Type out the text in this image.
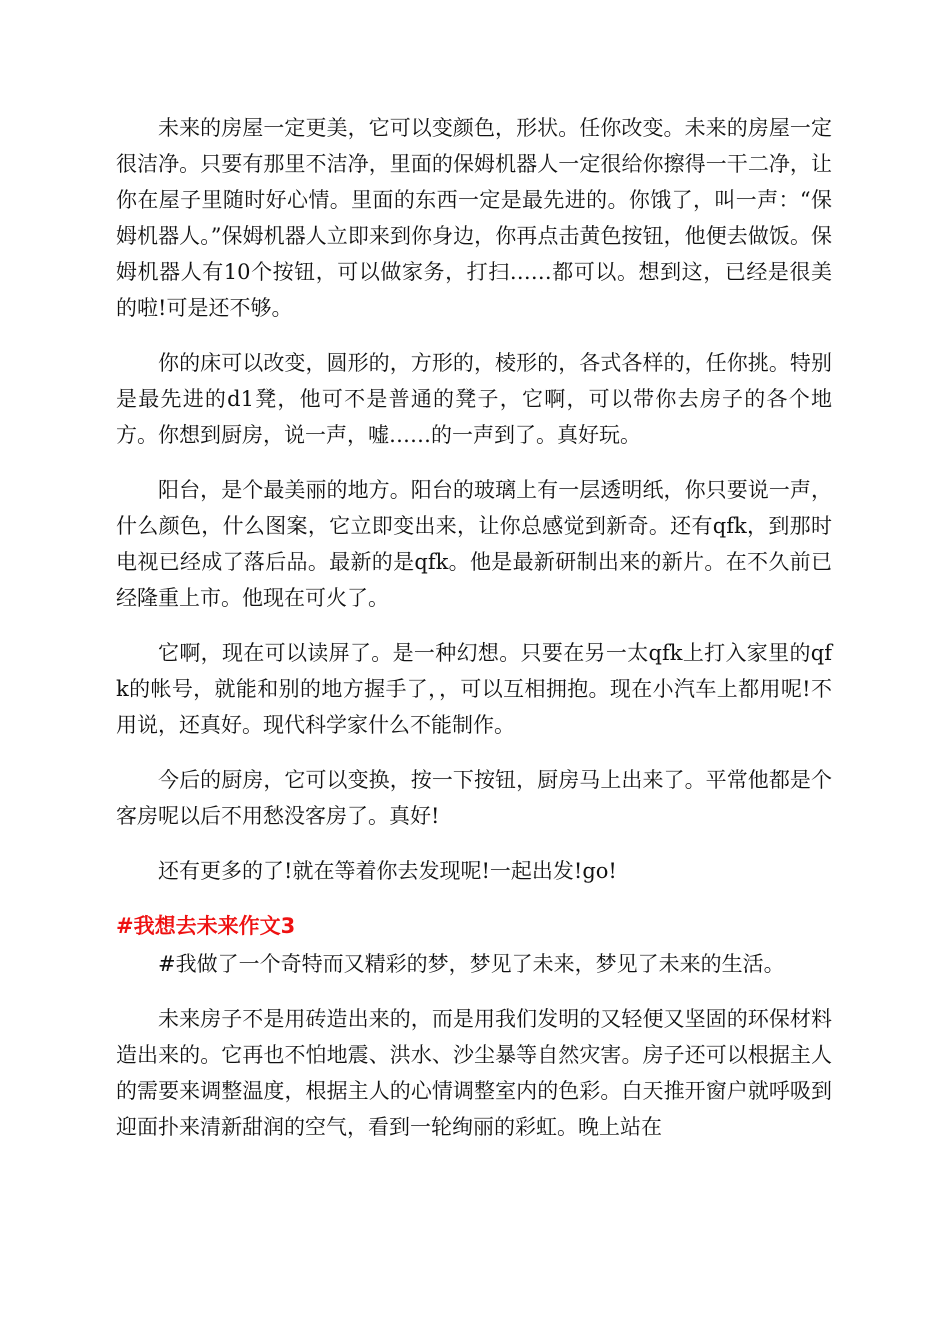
未来的房屋一定更美，它可以变颜色，形状。任你改变。未来的房屋一定很洁净。只要有那里不洁净，里面的保姆机器人一定很给你擦得一干二净，让你在屋子里随时好心情。里面的东西一定是最先进的。你饿了，叫一声：“保姆机器人。”保姆机器人立即来到你身边，你再点击黄色按钮，他便去做饭。保姆机器人有10个按钮，可以做家务，打扫……都可以。想到这，已经是很美的啦!可是还不够。

你的床可以改变，圆形的，方形的，棱形的，各式各样的，任你挑。特别是最先进的d1凳，他可不是普通的凳子，它啊，可以带你去房子的各个地方。你想到厨房，说一声，嘘……的一声到了。真好玩。

阳台，是个最美丽的地方。阳台的玻璃上有一层透明纸，你只要说一声，什么颜色，什么图案，它立即变出来，让你总感觉到新奇。还有qfk，到那时电视已经成了落后品。最新的是qfk。他是最新研制出来的新片。在不久前已经隆重上市。他现在可火了。

它啊，现在可以读屏了。是一种幻想。只要在另一太qfk上打入家里的qfk的帐号，就能和别的地方握手了，，可以互相拥抱。现在小汽车上都用呢!不用说，还真好。现代科学家什么不能制作。

今后的厨房，它可以变换，按一下按钮，厨房马上出来了。平常他都是个客房呢以后不用愁没客房了。真好!

还有更多的了!就在等着你去发现呢!一起出发!go!

#我想去未来作文3

#我做了一个奇特而又精彩的梦，梦见了未来，梦见了未来的生活。

未来房子不是用砖造出来的，而是用我们发明的又轻便又坚固的环保材料造出来的。它再也不怕地震、洪水、沙尘暴等自然灾害。房子还可以根据主人的需要来调整温度，根据主人的心情调整室内的色彩。白天推开窗户就呼吸到迎面扑来清新甜润的空气，看到一轮绚丽的彩虹。晚上站在
